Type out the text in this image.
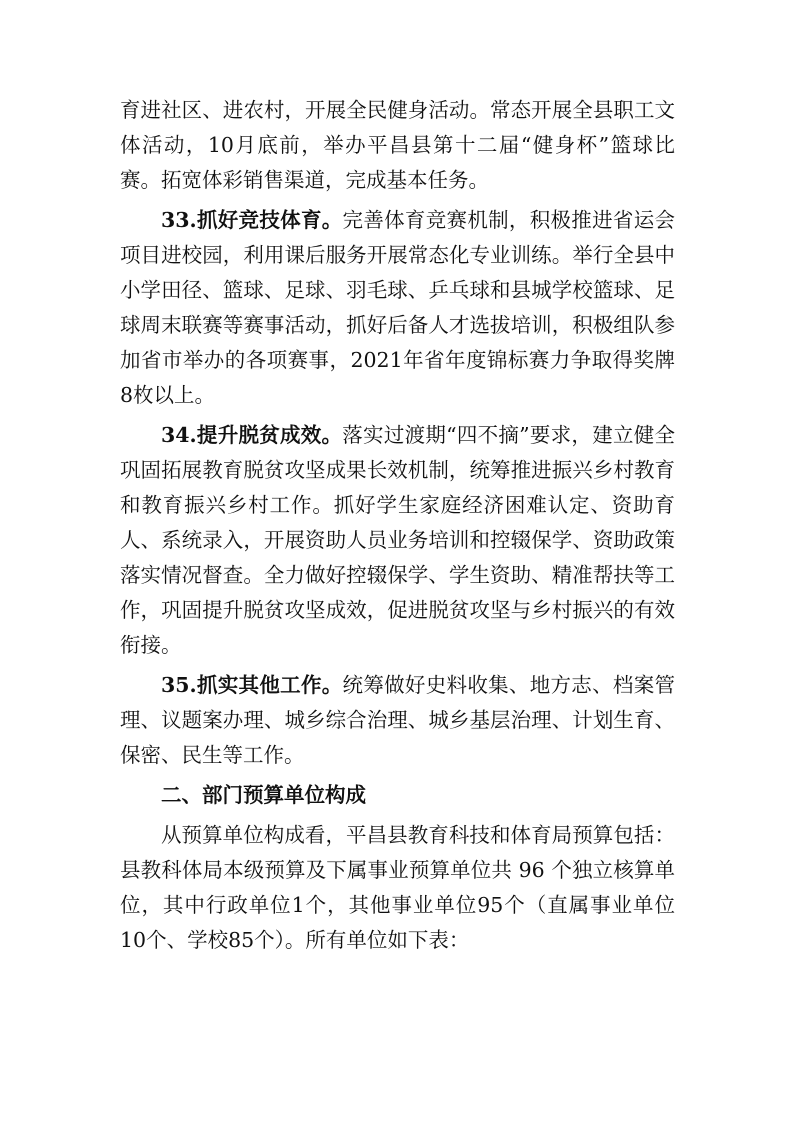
育进社区、进农村，开展全民健身活动。常态开展全县职工文体活动，10月底前，举办平昌县第十二届“健身杯”篮球比赛。拓宽体彩销售渠道，完成基本任务。

33.抓好竞技体育。完善体育竞赛机制，积极推进省运会项目进校园，利用课后服务开展常态化专业训练。举行全县中小学田径、篮球、足球、羽毛球、乒乓球和县城学校篮球、足球周末联赛等赛事活动，抓好后备人才选拔培训，积极组队参加省市举办的各项赛事，2021年省年度锦标赛力争取得奖牌8枚以上。

34.提升脱贫成效。落实过渡期“四不摘”要求，建立健全巩固拓展教育脱贫攻坚成果长效机制，统筹推进振兴乡村教育和教育振兴乡村工作。抓好学生家庭经济困难认定、资助育人、系统录入，开展资助人员业务培训和控辍保学、资助政策落实情况督查。全力做好控辍保学、学生资助、精准帮扶等工作，巩固提升脱贫攻坚成效，促进脱贫攻坚与乡村振兴的有效衔接。

35.抓实其他工作。统筹做好史料收集、地方志、档案管理、议题案办理、城乡综合治理、城乡基层治理、计划生育、保密、民生等工作。

二、部门预算单位构成

从预算单位构成看，平昌县教育科技和体育局预算包括：县教科体局本级预算及下属事业预算单位共 96 个独立核算单位，其中行政单位1个，其他事业单位95个（直属事业单位10个、学校85个）。所有单位如下表：
